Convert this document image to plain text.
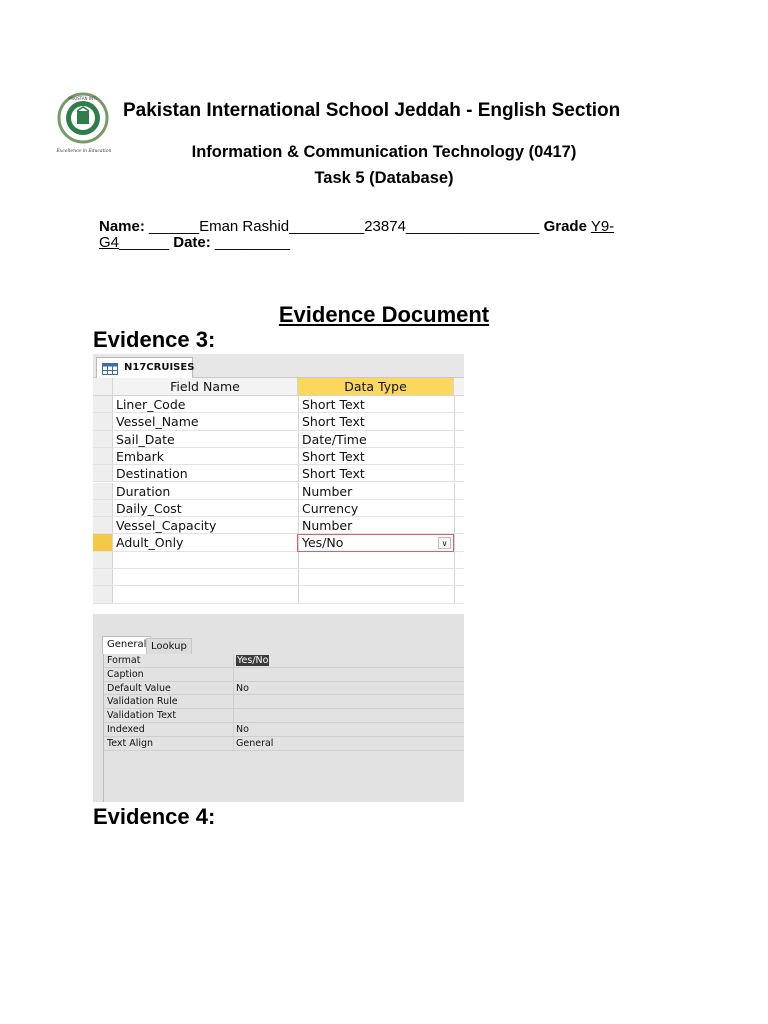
PAKISTAN INTL
Excellence in Education
Pakistan International School Jeddah - English Section
Information & Communication Technology (0417)
Task 5 (Database)
Name: ______Eman Rashid_________23874________________ Grade Y9-
G4______ Date: _________
Evidence Document
Evidence 3:
N17CRUISES
Field Name	Data Type
Liner_Code	Short Text
Vessel_Name	Short Text
Sail_Date	Date/Time
Embark	Short Text
Destination	Short Text
Duration	Number
Daily_Cost	Currency
Vessel_Capacity	Number
Adult_Only	Yes/No	∨
General Lookup
Format	Yes/No
Caption
Default Value	No
Validation Rule
Validation Text
Indexed	No
Text Align	General
Evidence 4:
